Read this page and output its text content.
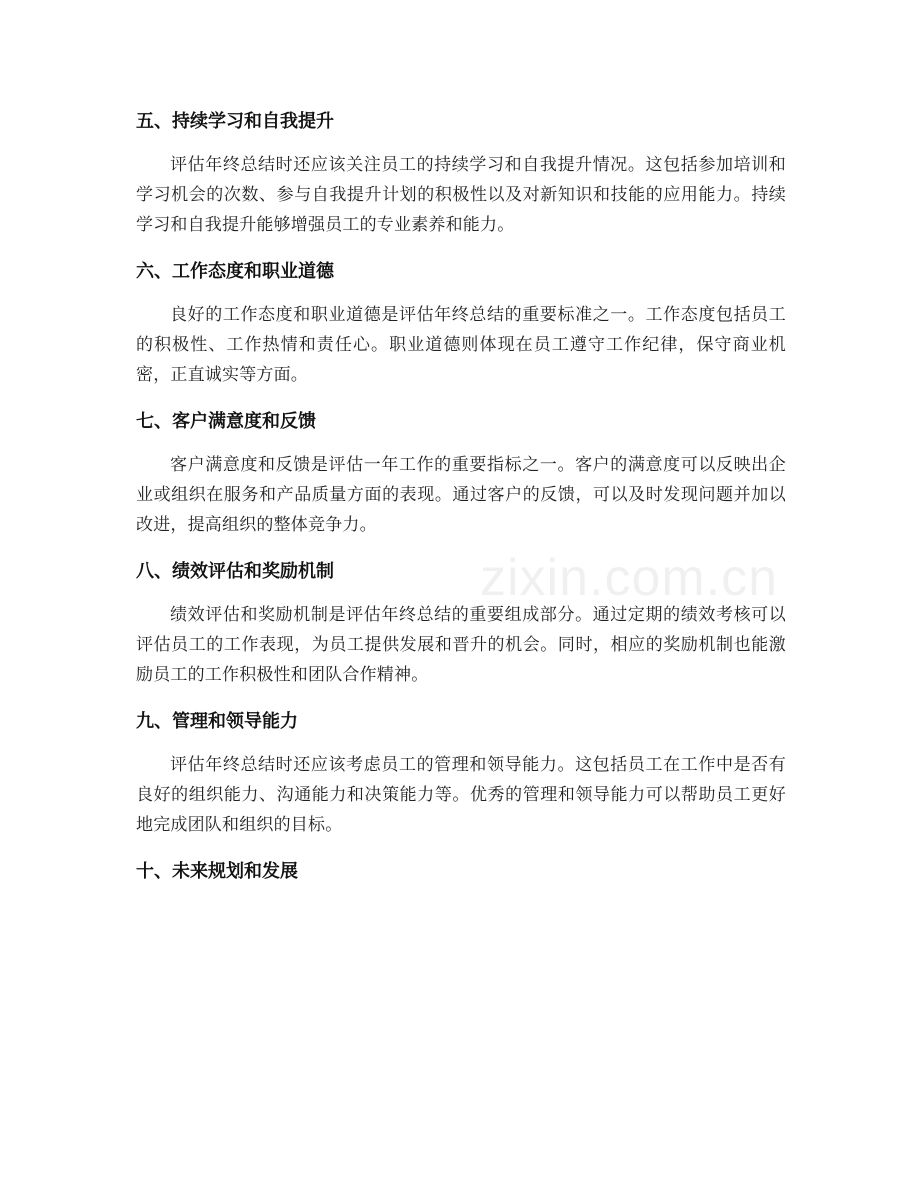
五、持续学习和自我提升

评估年终总结时还应该关注员工的持续学习和自我提升情况。这包括参加培训和学习机会的次数、参与自我提升计划的积极性以及对新知识和技能的应用能力。持续学习和自我提升能够增强员工的专业素养和能力。

六、工作态度和职业道德

良好的工作态度和职业道德是评估年终总结的重要标准之一。工作态度包括员工的积极性、工作热情和责任心。职业道德则体现在员工遵守工作纪律，保守商业机密，正直诚实等方面。

七、客户满意度和反馈

客户满意度和反馈是评估一年工作的重要指标之一。客户的满意度可以反映出企业或组织在服务和产品质量方面的表现。通过客户的反馈，可以及时发现问题并加以改进，提高组织的整体竞争力。

八、绩效评估和奖励机制

绩效评估和奖励机制是评估年终总结的重要组成部分。通过定期的绩效考核可以评估员工的工作表现，为员工提供发展和晋升的机会。同时，相应的奖励机制也能激励员工的工作积极性和团队合作精神。

九、管理和领导能力

评估年终总结时还应该考虑员工的管理和领导能力。这包括员工在工作中是否有良好的组织能力、沟通能力和决策能力等。优秀的管理和领导能力可以帮助员工更好地完成团队和组织的目标。

十、未来规划和发展
zixin.com.cn
